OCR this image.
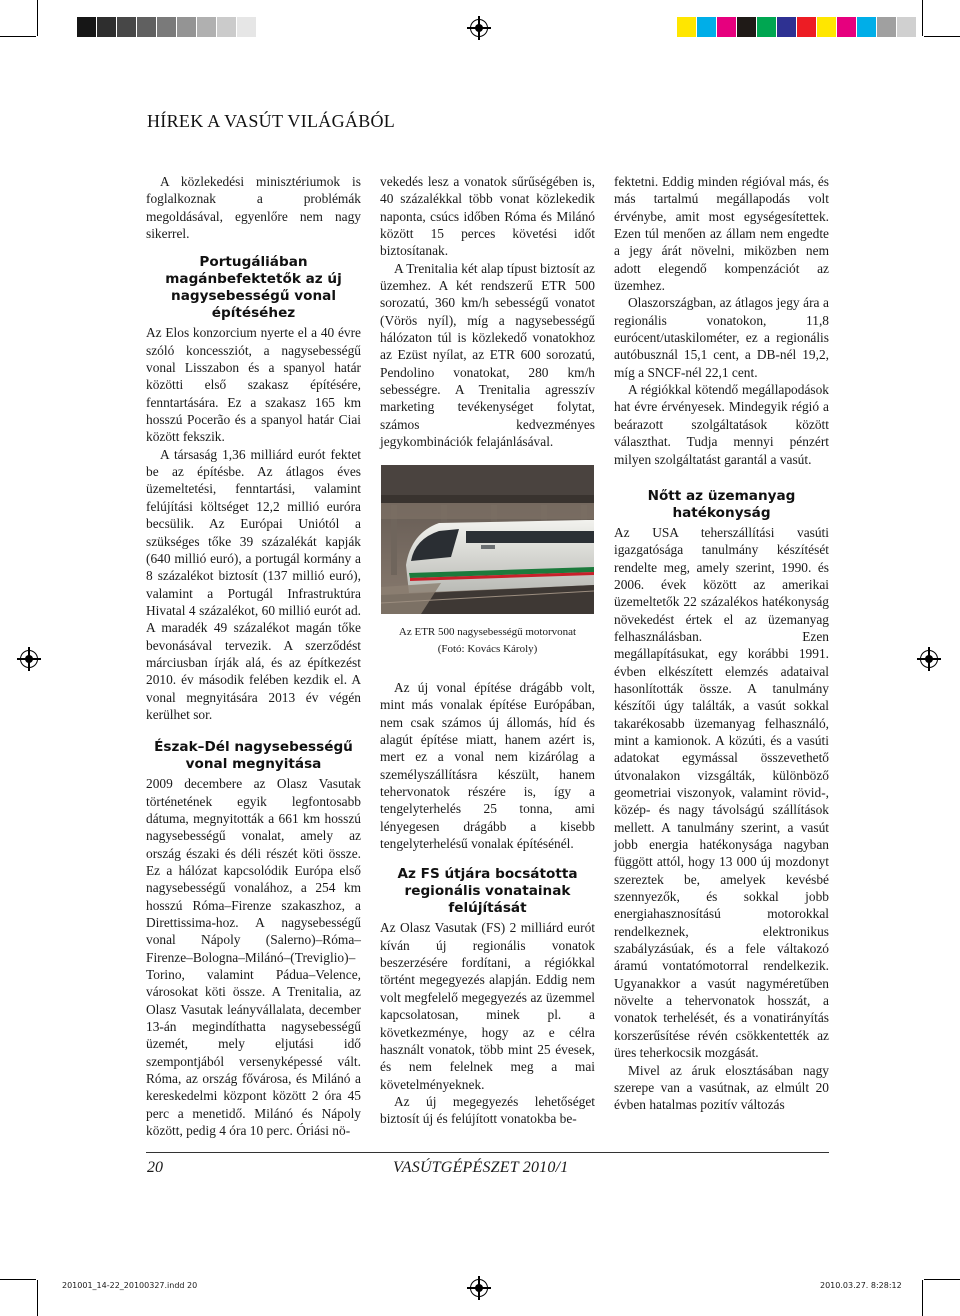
HÍREK A VASÚT VILÁGÁBÓL

A közlekedési minisztériumok is foglalkoznak a problémák megoldásával, egyenlőre nem nagy sikerrel.

Portugáliában magánbefektetők az új nagysebességű vonal építéséhez

Az Elos konzorcium nyerte el a 40 évre szóló koncessziót, a nagysebességű vonal Lisszabon és a spanyol határ közötti első szakasz építésére, fenntartására. Ez a szakasz 165 km hosszú Pocerão és a spanyol határ Ciai között fekszik.

A társaság 1,36 milliárd eurót fektet be az építésbe. Az átlagos éves üzemeltetési, fenntartási, valamint felújítási költséget 12,2 millió euróra becsülik. Az Európai Uniótól a szükséges tőke 39 százalékát kapják (640 millió euró), a portugál kormány a 8 százalékot biztosít (137 millió euró), valamint a Portugál Infrastruktúra Hivatal 4 százalékot, 60 millió eurót ad. A maradék 49 százalékot magán tőke bevonásával tervezik. A szerződést márciusban írják alá, és az építkezést 2010. év második felében kezdik el. A vonal megnyitására 2013 év végén kerülhet sor.

Észak–Dél nagysebességű vonal megnyitása

2009 decembere az Olasz Vasutak történetének egyik legfontosabb dátuma, megnyitották a 661 km hosszú nagysebességű vonalat, amely az ország északi és déli részét köti össze. Ez a hálózat kapcsolódik Európa első nagysebességű vonalához, a 254 km hosszú Róma–Firenze szakaszhoz, a Direttissima-hoz. A nagysebességű vonal Nápoly (Salerno)–Róma–Firenze–Bologna–Milánó–(Treviglio)–Torino, valamint Pádua–Velence, városokat köti össze. A Trenitalia, az Olasz Vasutak leányvállalata, december 13-án megindíthatta nagysebességű üzemét, mely eljutási idő szempontjából versenyképessé vált. Róma, az ország fővárosa, és Milánó a kereskedelmi központ között 2 óra 45 perc a menetidő. Milánó és Nápoly között, pedig 4 óra 10 perc. Óriási nö-

vekedés lesz a vonatok sűrűségében is, 40 százalékkal több vonat közlekedik naponta, csúcs időben Róma és Milánó között 15 perces követési időt biztosítanak.

A Trenitalia két alap típust biztosít az üzemhez. A két rendszerű ETR 500 sorozatú, 360 km/h sebességű vonatot (Vörös nyíl), míg a nagysebességű hálózaton túl is közlekedő vonatokhoz az Ezüst nyílat, az ETR 600 sorozatú, Pendolino vonatokat, 280 km/h sebességre. A Trenitalia agresszív marketing tevékenységet folytat, számos kedvezményes jegykombinációk felajánlásával.

Az ETR 500 nagysebességű motorvonat
(Fotó: Kovács Károly)

Az új vonal építése drágább volt, mint más vonalak építése Európában, nem csak számos új állomás, híd és alagút építése miatt, hanem azért is, mert ez a vonal nem kizárólag a személyszállításra készült, hanem tehervonatok részére is, így a tengelyterhelés 25 tonna, ami lényegesen drágább a kisebb tengelyterhelésű vonalak építésénél.

Az FS útjára bocsátotta regionális vonatainak felújítását

Az Olasz Vasutak (FS) 2 milliárd eurót kíván új regionális vonatok beszerzésére fordítani, a régiókkal történt megegyezés alapján. Eddig nem volt megfelelő megegyezés az üzemmel kapcsolatosan, minek pl. a következménye, hogy az e célra használt vonatok, több mint 25 évesek, és nem felelnek meg a mai követelményeknek.

Az új megegyezés lehetőséget biztosít új és felújított vonatokba be-

fektetni. Eddig minden régióval más, és más tartalmú megállapodás volt érvénybe, amit most egységesítettek. Ezen túl menően az állam nem engedte a jegy árát növelni, miközben nem adott elegendő kompenzációt az üzemhez.

Olaszországban, az átlagos jegy ára a regionális vonatokon, 11,8 eurócent/utaskilométer, ez a regionális autóbusznál 15,1 cent, a DB-nél 19,2, míg a SNCF-nél 22,1 cent.

A régiókkal kötendő megállapodások hat évre érvényesek. Mindegyik régió a beárazott szolgáltatások között választhat. Tudja mennyi pénzért milyen szolgáltatást garantál a vasút.

Nőtt az üzemanyag hatékonyság

Az USA teherszállítási vasúti igazgatósága tanulmány készítését rendelte meg, amely szerint, 1990. és 2006. évek között az amerikai üzemeltetők 22 százalékos hatékonyság növekedést értek el az üzemanyag felhasználásban. Ezen megállapításukat, egy korábbi 1991. évben elkészített elemzés adataival hasonlították össze. A tanulmány készítői úgy találták, a vasút sokkal takarékosabb üzemanyag felhasználó, mint a kamionok. A közúti, és a vasúti adatokat egymással összevethető útvonalakon vizsgálták, különböző geometriai viszonyok, valamint rövid-, közép- és nagy távolságú szállítások mellett. A tanulmány szerint, a vasút jobb energia hatékonysága nagyban függött attól, hogy 13 000 új mozdonyt szereztek be, amelyek kevésbé szennyezők, és sokkal jobb energiahasznosítású motorokkal rendelkeznek, elektronikus szabályzásúak, és a fele váltakozó áramú vontatómotorral rendelkezik. Ugyanakkor a vasút nagyméretűben növelte a tehervonatok hosszát, a vonatok terhelését, és a vonatirányítás korszerűsítése révén csökkentették az üres teherkocsik mozgását.

Mivel az áruk elosztásában nagy szerepe van a vasútnak, az elmúlt 20 évben hatalmas pozitív változás

20	VASÚTGÉPÉSZET 2010/1
201001_14-22_20100327.indd 20	2010.03.27. 8:28:12
